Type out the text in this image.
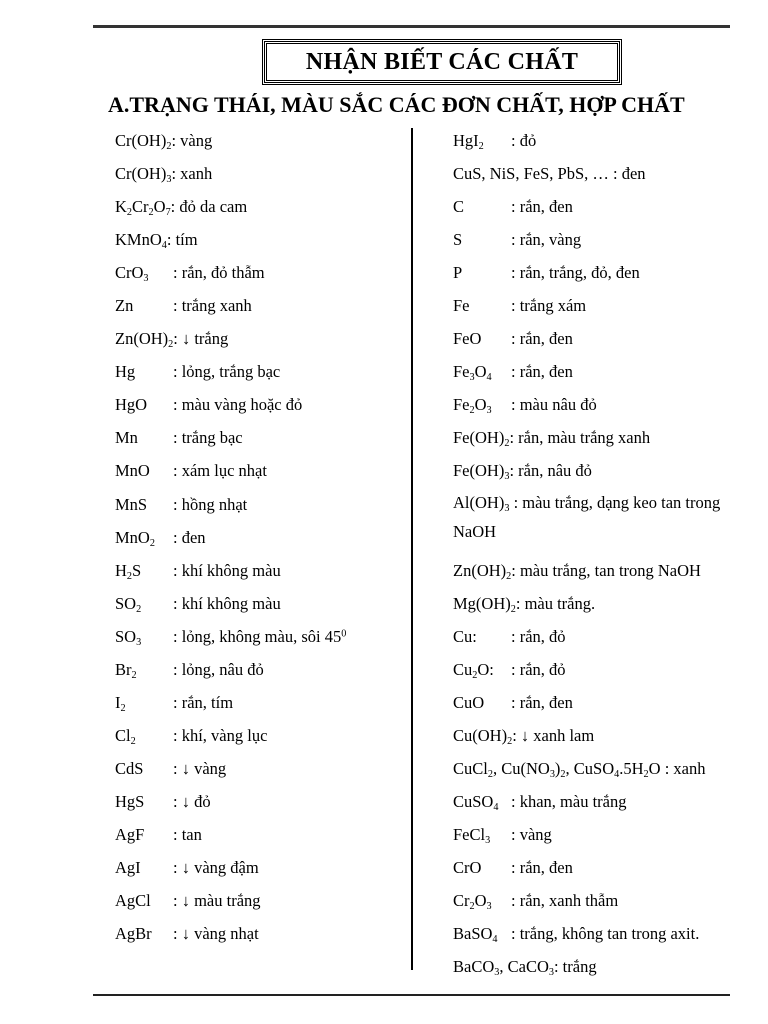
NHẬN BIẾT CÁC CHẤT
A.TRẠNG THÁI, MÀU SẮC CÁC ĐƠN CHẤT, HỢP CHẤT
$Cr(OH)_2$ : vàng
$Cr(OH)_3$ : xanh
$K_2Cr_2O_7$ : đỏ da cam
KMnO$_4$ : tím
CrO$_3$	: rắn, đỏ thẫm
Zn	: trắng xanh
$Zn(OH)_2$ : ↓ trắng
Hg	: lỏng, trắng bạc
HgO	: màu vàng hoặc đỏ
Mn	: trắng bạc
MnO	: xám lục nhạt
MnS	: hồng nhạt
MnO$_2$	: đen
$H_2S$	: khí không màu
$SO_2$	: khí không màu
$SO_3$	: lỏng, không màu, sôi $45^0$
$Br_2$	: lỏng, nâu đỏ
$I_2$	: rắn, tím
$Cl_2$	: khí, vàng lục
CdS	: ↓ vàng
HgS	: ↓ đỏ
AgF	: tan
AgI	: ↓ vàng đậm
AgCl	: ↓ màu trắng
AgBr	: ↓ vàng nhạt
HgI$_2$	: đỏ
CuS, NiS, FeS, PbS, … : đen
C	: rắn, đen
S	: rắn, vàng
P	: rắn, trắng, đỏ, đen
Fe	: trắng xám
FeO	: rắn, đen
$Fe_3O_4$	: rắn, đen
$Fe_2O_3$	: màu nâu đỏ
$Fe(OH)_2$ : rắn, màu trắng xanh
$Fe(OH)_3$ : rắn, nâu đỏ
$Al(OH)_3$ : màu trắng, dạng keo tan trong NaOH
$Zn(OH)_2$ : màu trắng, tan trong NaOH
$Mg(OH)_2$ : màu trắng.
Cu:	: rắn, đỏ
$Cu_2O$:	: rắn, đỏ
CuO	: rắn, đen
$Cu(OH)_2$ : ↓ xanh lam
CuCl$_2$, $Cu(NO_3)_2$, $CuSO_4.5H_2O$ : xanh
CuSO$_4$ : khan, màu trắng
FeCl$_3$	: vàng
CrO	: rắn, đen
$Cr_2O_3$	: rắn, xanh thẫm
BaSO$_4$ : trắng, không tan trong axit.
BaCO$_3$, CaCO$_3$: trắng
